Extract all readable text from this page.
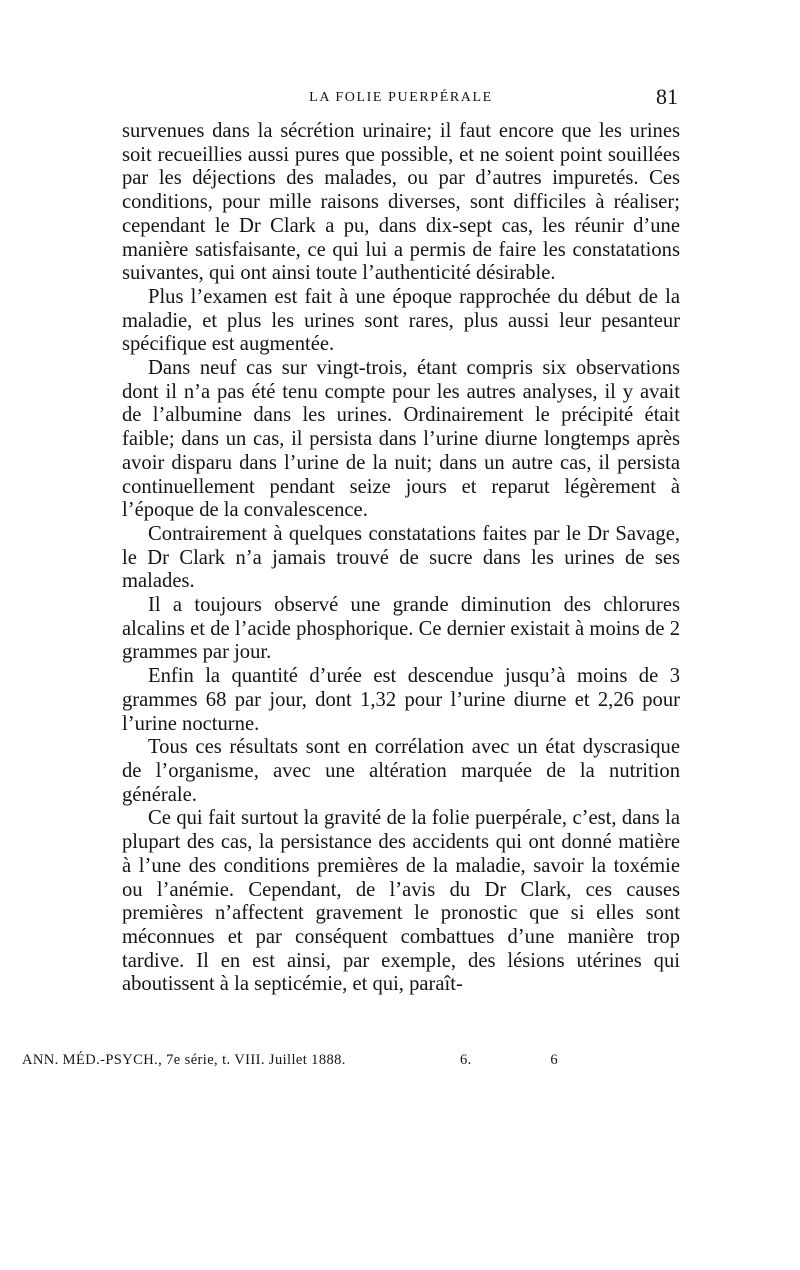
LA FOLIE PUERPÉRALE	81

survenues dans la sécrétion urinaire; il faut encore que les urines soit recueillies aussi pures que possible, et ne soient point souillées par les déjections des malades, ou par d’autres impuretés. Ces conditions, pour mille raisons diverses, sont difficiles à réaliser; cependant le Dr Clark a pu, dans dix-sept cas, les réunir d’une manière satisfaisante, ce qui lui a permis de faire les constatations suivantes, qui ont ainsi toute l’authenticité désirable.

Plus l’examen est fait à une époque rapprochée du début de la maladie, et plus les urines sont rares, plus aussi leur pesanteur spécifique est augmentée.

Dans neuf cas sur vingt-trois, étant compris six observations dont il n’a pas été tenu compte pour les autres analyses, il y avait de l’albumine dans les urines. Ordinairement le précipité était faible; dans un cas, il persista dans l’urine diurne longtemps après avoir disparu dans l’urine de la nuit; dans un autre cas, il persista continuellement pendant seize jours et reparut légèrement à l’époque de la convalescence.

Contrairement à quelques constatations faites par le Dr Savage, le Dr Clark n’a jamais trouvé de sucre dans les urines de ses malades.

Il a toujours observé une grande diminution des chlorures alcalins et de l’acide phosphorique. Ce dernier existait à moins de 2 grammes par jour.

Enfin la quantité d’urée est descendue jusqu’à moins de 3 grammes 68 par jour, dont 1,32 pour l’urine diurne et 2,26 pour l’urine nocturne.

Tous ces résultats sont en corrélation avec un état dyscrasique de l’organisme, avec une altération marquée de la nutrition générale.

Ce qui fait surtout la gravité de la folie puerpérale, c’est, dans la plupart des cas, la persistance des accidents qui ont donné matière à l’une des conditions premières de la maladie, savoir la toxémie ou l’anémie. Cependant, de l’avis du Dr Clark, ces causes premières n’affectent gravement le pronostic que si elles sont méconnues et par conséquent combattues d’une manière trop tardive. Il en est ainsi, par exemple, des lésions utérines qui aboutissent à la septicémie, et qui, paraît-

ANN. MÉD.-PSYCH., 7e série, t. VIII. Juillet 1888.	6.	6
